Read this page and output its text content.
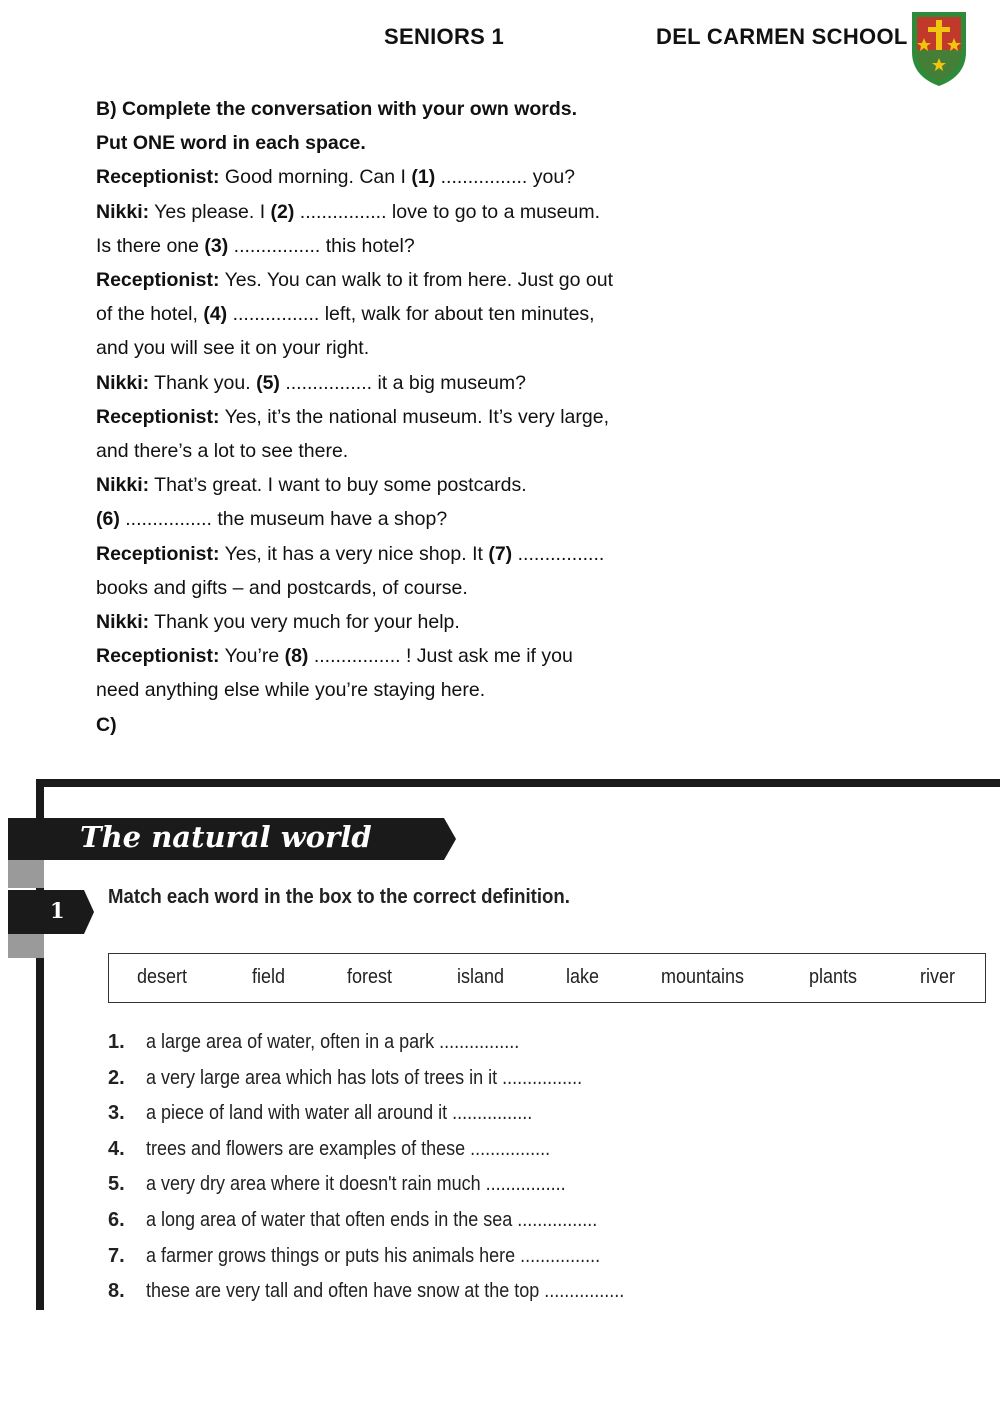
SENIORS 1	DEL CARMEN SCHOOL

B) Complete the conversation with your own words.

Put ONE word in each space.

Receptionist: Good morning. Can I (1) ................ you?

Nikki: Yes please. I (2) ................ love to go to a museum.

Is there one (3) ................ this hotel?

Receptionist: Yes. You can walk to it from here. Just go out

of the hotel, (4) ................ left, walk for about ten minutes,

and you will see it on your right.

Nikki: Thank you. (5) ................ it a big museum?

Receptionist: Yes, it’s the national museum. It’s very large,

and there’s a lot to see there.

Nikki: That’s great. I want to buy some postcards.

(6) ................ the museum have a shop?

Receptionist: Yes, it has a very nice shop. It (7) ................

books and gifts – and postcards, of course.

Nikki: Thank you very much for your help.

Receptionist: You’re (8) ................ ! Just ask me if you

need anything else while you’re staying here.

C)

The natural world
1
Match each word in the box to the correct definition.
desert	field	forest	island	lake	mountains	plants	river
1. a large area of water, often in a park ................
2. a very large area which has lots of trees in it ................
3. a piece of land with water all around it ................
4. trees and flowers are examples of these ................
5. a very dry area where it doesn't rain much ................
6. a long area of water that often ends in the sea ................
7. a farmer grows things or puts his animals here ................
8. these are very tall and often have snow at the top ................
